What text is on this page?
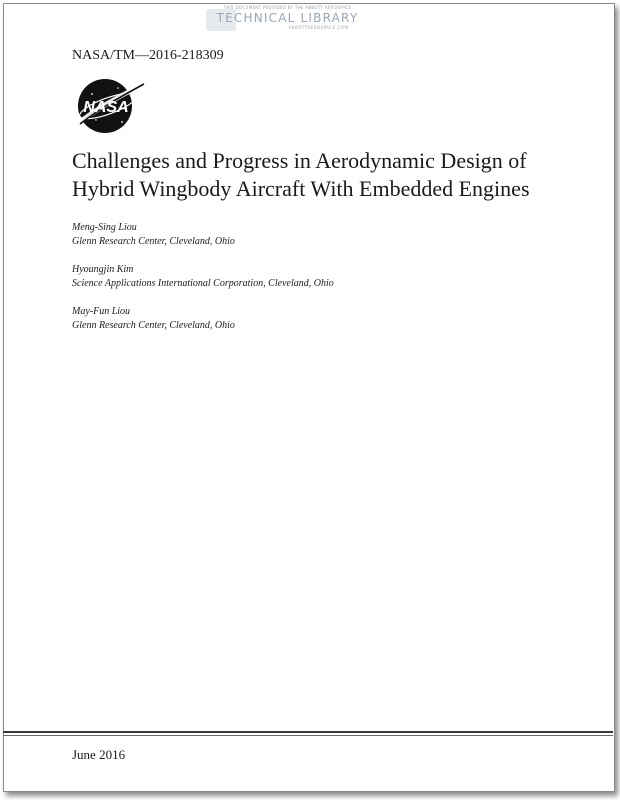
THIS DOCUMENT PROVIDED BY THE ABBOTT AEROSPACE
TECHNICAL LIBRARY
ABBOTTAEROSPACE.COM
NASA/TM—2016-218309
NASA
Challenges and Progress in Aerodynamic Design of
Hybrid Wingbody Aircraft With Embedded Engines
Meng-Sing Liou
Glenn Research Center, Cleveland, Ohio
Hyoungjin Kim
Science Applications International Corporation, Cleveland, Ohio
May-Fun Liou
Glenn Research Center, Cleveland, Ohio
June 2016
